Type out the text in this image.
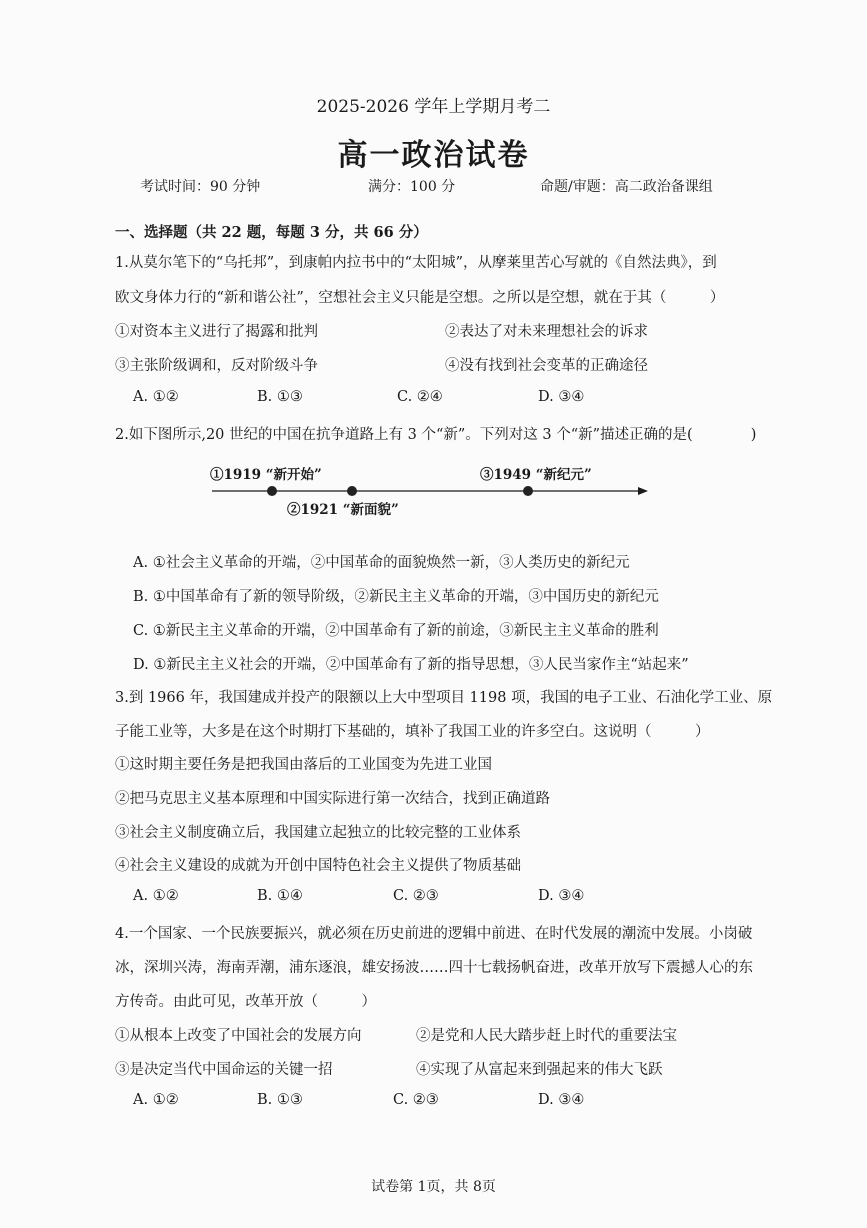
2025-2026 学年上学期月考二
高一政治试卷
考试时间：90 分钟	满分：100 分	命题/审题：高二政治备课组
一、选择题（共 22 题，每题 3 分，共 66 分）
1.从莫尔笔下的“乌托邦”，到康帕内拉书中的“太阳城”，从摩莱里苦心写就的《自然法典》，到
欧文身体力行的“新和谐公社”，空想社会主义只能是空想。之所以是空想，就在于其（　　　）
①对资本主义进行了揭露和批判	②表达了对未来理想社会的诉求
③主张阶级调和，反对阶级斗争	④没有找到社会变革的正确途径
A. ①②	B. ①③	C. ②④	D. ③④
2.如下图所示,20 世纪的中国在抗争道路上有 3 个“新”。下列对这 3 个“新”描述正确的是(　　　　)
①1919 “新开始”
②1921 “新面貌”
③1949 “新纪元”
A. ①社会主义革命的开端，②中国革命的面貌焕然一新，③人类历史的新纪元
B. ①中国革命有了新的领导阶级，②新民主主义革命的开端，③中国历史的新纪元
C. ①新民主主义革命的开端，②中国革命有了新的前途，③新民主主义革命的胜利
D. ①新民主主义社会的开端，②中国革命有了新的指导思想，③人民当家作主“站起来”
3.到 1966 年，我国建成并投产的限额以上大中型项目 1198 项，我国的电子工业、石油化学工业、原
子能工业等，大多是在这个时期打下基础的，填补了我国工业的许多空白。这说明（　　　）
①这时期主要任务是把我国由落后的工业国变为先进工业国
②把马克思主义基本原理和中国实际进行第一次结合，找到正确道路
③社会主义制度确立后，我国建立起独立的比较完整的工业体系
④社会主义建设的成就为开创中国特色社会主义提供了物质基础
A. ①②	B. ①④	C. ②③	D. ③④
4.一个国家、一个民族要振兴，就必须在历史前进的逻辑中前进、在时代发展的潮流中发展。小岗破
冰，深圳兴涛，海南弄潮，浦东逐浪，雄安扬波……四十七载扬帆奋进，改革开放写下震撼人心的东
方传奇。由此可见，改革开放（　　　）
①从根本上改变了中国社会的发展方向	②是党和人民大踏步赶上时代的重要法宝
③是决定当代中国命运的关键一招	④实现了从富起来到强起来的伟大飞跃
A. ①②	B. ①③	C. ②③	D. ③④
试卷第 1页，共 8页
